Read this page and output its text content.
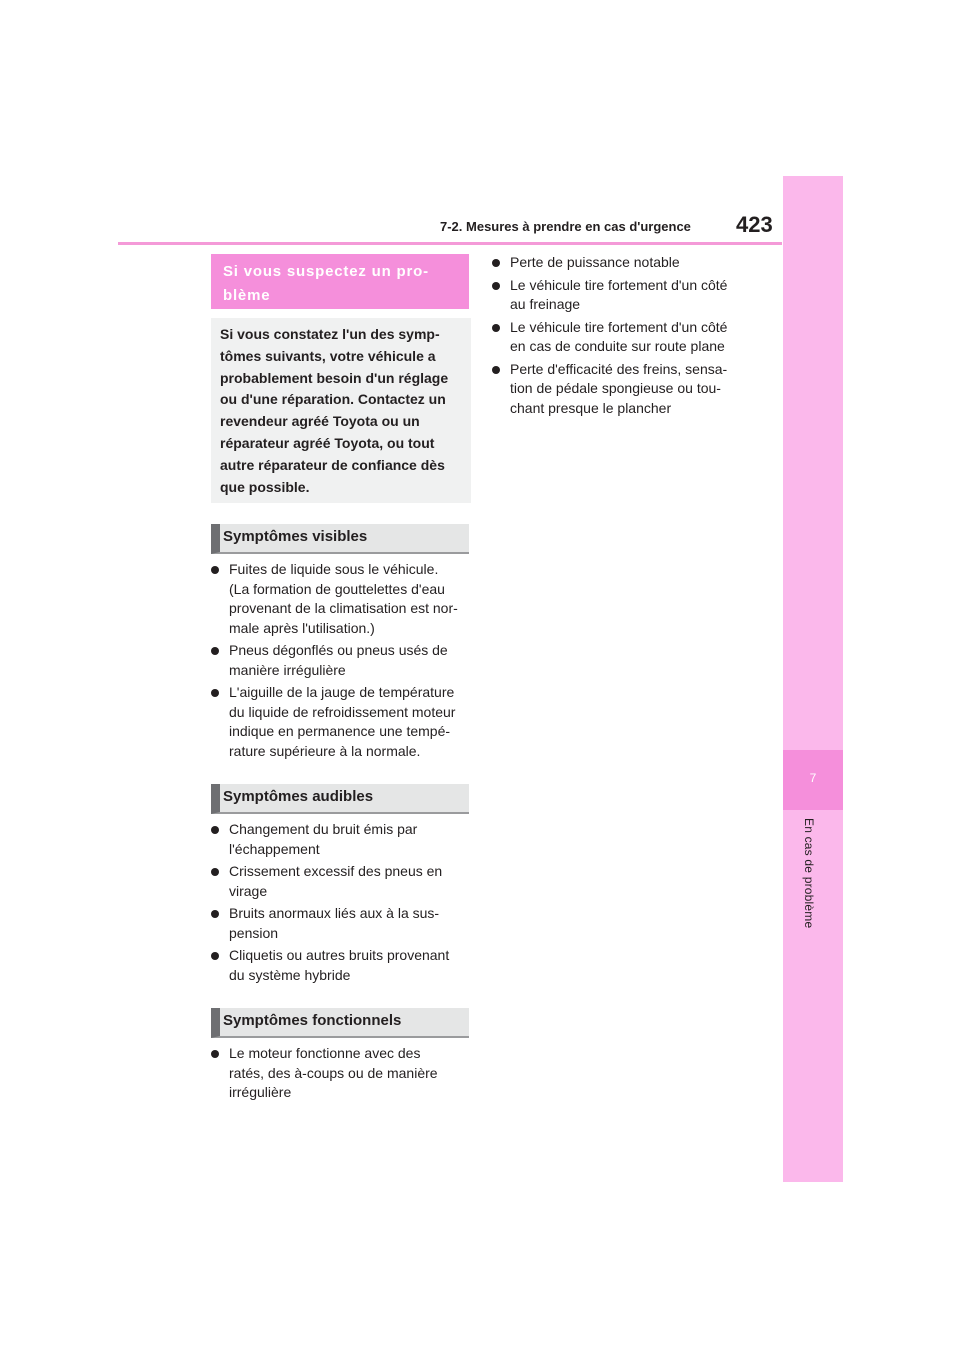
7-2. Mesures à prendre en cas d'urgence 423
7
En cas de problème
Si vous suspectez un pro-
blème
Si vous constatez l'un des symp-
tômes suivants, votre véhicule a
probablement besoin d'un réglage
ou d'une réparation. Contactez un
revendeur agréé Toyota ou un
réparateur agréé Toyota, ou tout
autre réparateur de confiance dès
que possible.
Symptômes visibles
Fuites de liquide sous le véhicule.
(La formation de gouttelettes d'eau
provenant de la climatisation est nor-
male après l'utilisation.)
Pneus dégonflés ou pneus usés de
manière irrégulière
L'aiguille de la jauge de température
du liquide de refroidissement moteur
indique en permanence une tempé-
rature supérieure à la normale.
Symptômes audibles
Changement du bruit émis par
l'échappement
Crissement excessif des pneus en
virage
Bruits anormaux liés aux à la sus-
pension
Cliquetis ou autres bruits provenant
du système hybride
Symptômes fonctionnels
Le moteur fonctionne avec des
ratés, des à-coups ou de manière
irrégulière
Perte de puissance notable
Le véhicule tire fortement d'un côté
au freinage
Le véhicule tire fortement d'un côté
en cas de conduite sur route plane
Perte d'efficacité des freins, sensa-
tion de pédale spongieuse ou tou-
chant presque le plancher
